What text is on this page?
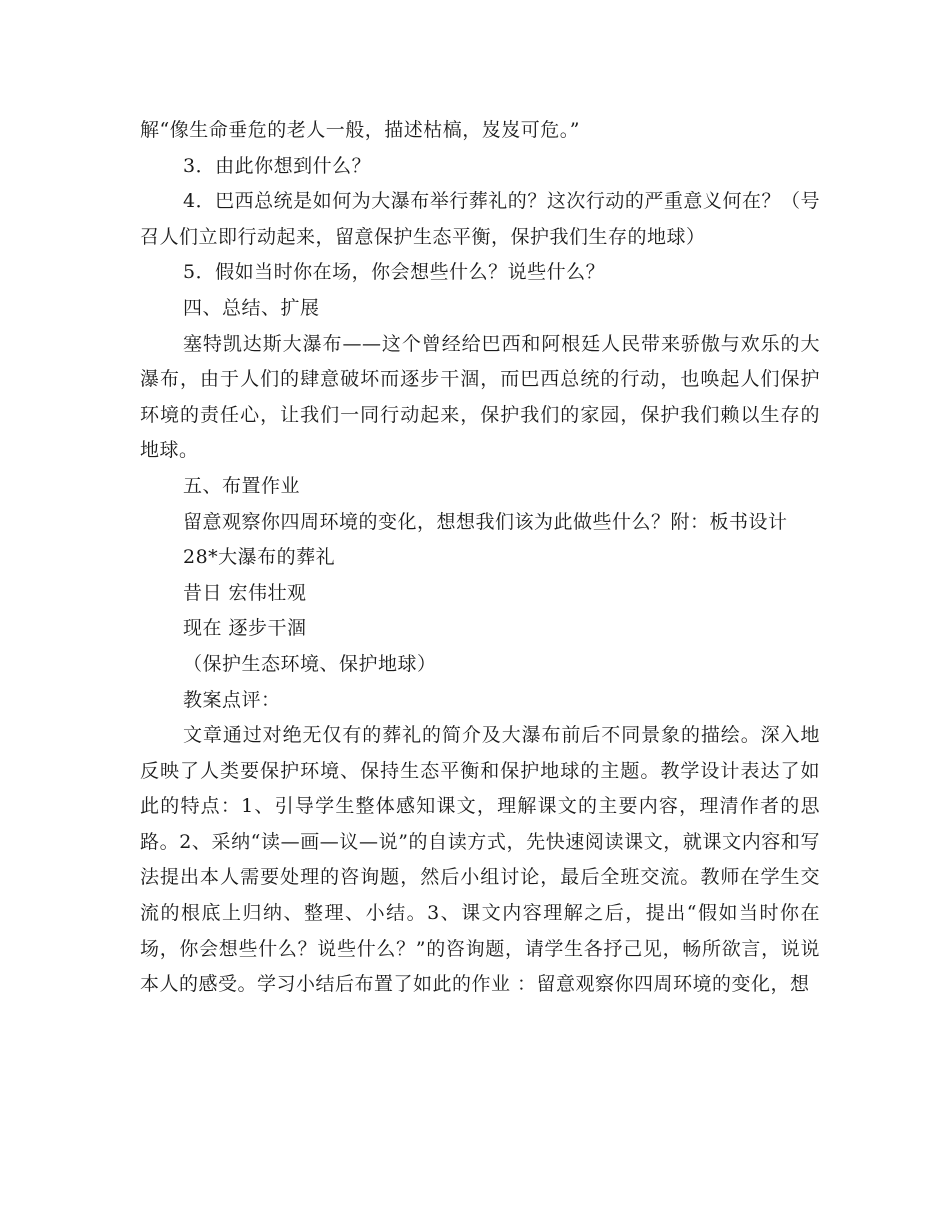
解“像生命垂危的老人一般，描述枯槁，岌岌可危。”

3．由此你想到什么？

4．巴西总统是如何为大瀑布举行葬礼的？这次行动的严重意义何在？（号召人们立即行动起来，留意保护生态平衡，保护我们生存的地球）

5．假如当时你在场，你会想些什么？说些什么？

四、总结、扩展

塞特凯达斯大瀑布——这个曾经给巴西和阿根廷人民带来骄傲与欢乐的大瀑布，由于人们的肆意破坏而逐步干涸，而巴西总统的行动，也唤起人们保护环境的责任心，让我们一同行动起来，保护我们的家园，保护我们赖以生存的地球。

五、布置作业

留意观察你四周环境的变化，想想我们该为此做些什么？附：板书设计

28*大瀑布的葬礼

昔日 宏伟壮观

现在 逐步干涸

（保护生态环境、保护地球）

教案点评：

文章通过对绝无仅有的葬礼的简介及大瀑布前后不同景象的描绘。深入地反映了人类要保护环境、保持生态平衡和保护地球的主题。教学设计表达了如此的特点：1、引导学生整体感知课文，理解课文的主要内容，理清作者的思路。2、采纳“读—画—议—说”的自读方式，先快速阅读课文，就课文内容和写法提出本人需要处理的咨询题，然后小组讨论，最后全班交流。教师在学生交流的根底上归纳、整理、小结。3、课文内容理解之后，提出“假如当时你在场，你会想些什么？说些什么？”的咨询题，请学生各抒己见，畅所欲言，说说本人的感受。学习小结后布置了如此的作业 ：留意观察你四周环境的变化，想
